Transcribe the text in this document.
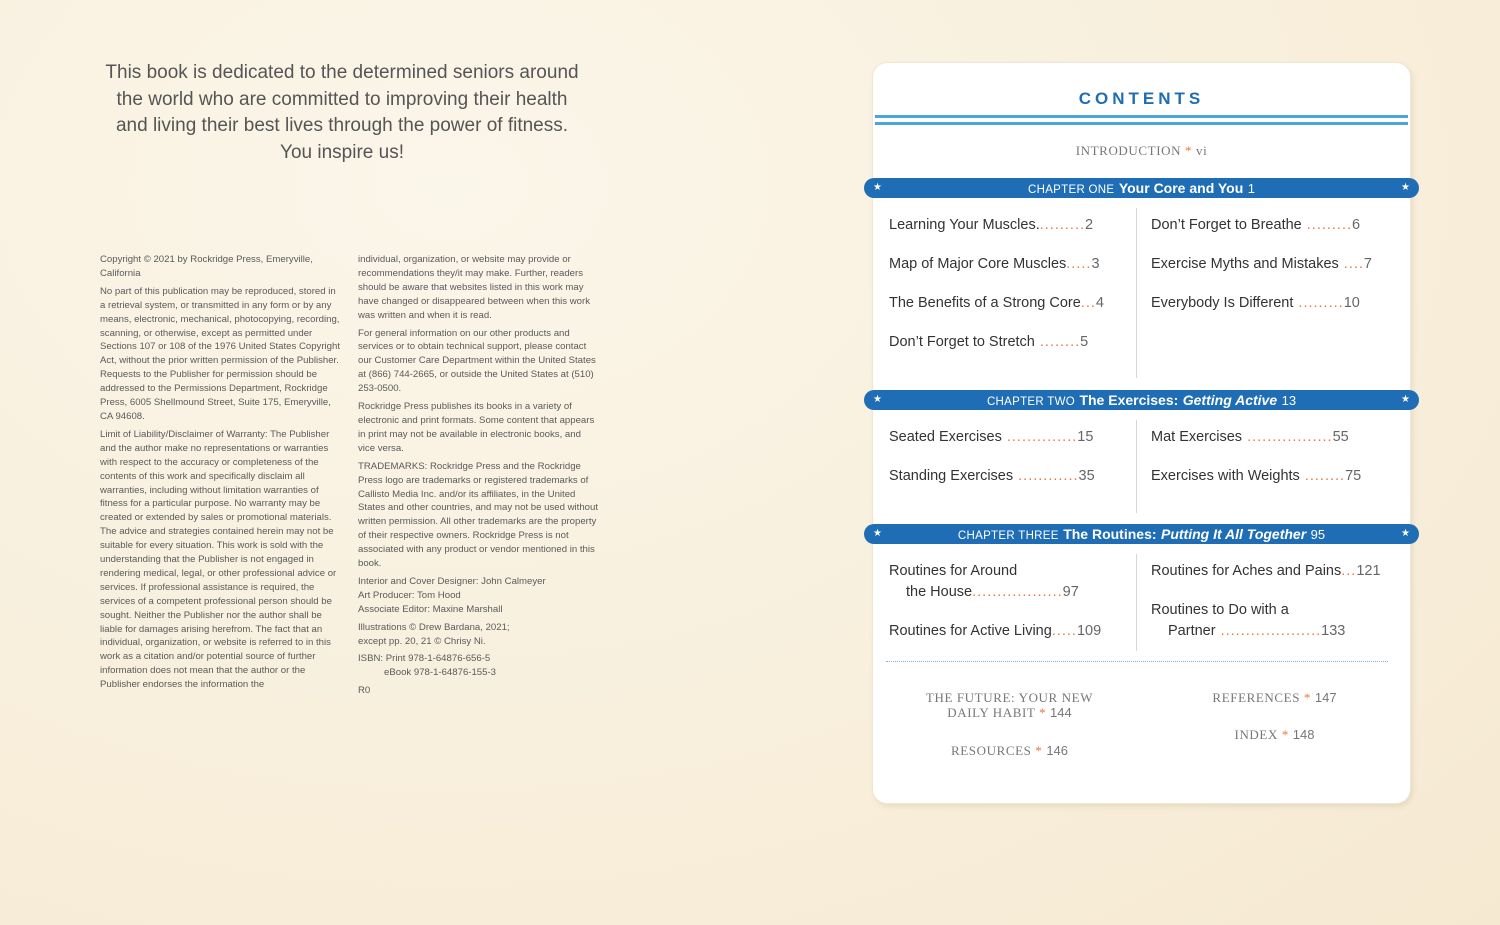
This book is dedicated to the determined seniors around
the world who are committed to improving their health
and living their best lives through the power of fitness.
You inspire us!

Copyright © 2021 by Rockridge Press, Emeryville, California

No part of this publication may be reproduced, stored in a retrieval system, or transmitted in any form or by any means, electronic, mechanical, photocopying, recording, scanning, or otherwise, except as permitted under Sections 107 or 108 of the 1976 United States Copyright Act, without the prior written permission of the Publisher. Requests to the Publisher for permission should be addressed to the Permissions Department, Rockridge Press, 6005 Shellmound Street, Suite 175, Emeryville, CA 94608.

Limit of Liability/Disclaimer of Warranty: The Publisher and the author make no representations or warranties with respect to the accuracy or completeness of the contents of this work and specifically disclaim all warranties, including without limitation warranties of fitness for a particular purpose. No warranty may be created or extended by sales or promotional materials. The advice and strategies contained herein may not be suitable for every situation. This work is sold with the understanding that the Publisher is not engaged in rendering medical, legal, or other professional advice or services. If professional assistance is required, the services of a competent professional person should be sought. Neither the Publisher nor the author shall be liable for damages arising herefrom. The fact that an individual, organization, or website is referred to in this work as a citation and/or potential source of further information does not mean that the author or the Publisher endorses the information the

individual, organization, or website may provide or recommendations they/it may make. Further, readers should be aware that websites listed in this work may have changed or disappeared between when this work was written and when it is read.

For general information on our other products and services or to obtain technical support, please contact our Customer Care Department within the United States at (866) 744-2665, or outside the United States at (510) 253-0500.

Rockridge Press publishes its books in a variety of electronic and print formats. Some content that appears in print may not be available in electronic books, and vice versa.

TRADEMARKS: Rockridge Press and the Rockridge Press logo are trademarks or registered trademarks of Callisto Media Inc. and/or its affiliates, in the United States and other countries, and may not be used without written permission. All other trademarks are the property of their respective owners. Rockridge Press is not associated with any product or vendor mentioned in this book.

Interior and Cover Designer: John Calmeyer

Art Producer: Tom Hood

Associate Editor: Maxine Marshall

Illustrations © Drew Bardana, 2021;

except pp. 20, 21 © Chrisy Ni.

ISBN: Print 978-1-64876-656-5

eBook 978-1-64876-155-3

R0

CONTENTS
INTRODUCTION * vi
★	CHAPTER ONE Your Core and You 1	★
Learning Your Muscles..........2
Map of Major Core Muscles.....3
The Benefits of a Strong Core...4
Don’t Forget to Stretch ........5
Don’t Forget to Breathe .........6
Exercise Myths and Mistakes ....7
Everybody Is Different .........10
★	CHAPTER TWO The Exercises: Getting Active 13	★
Seated Exercises ..............15
Standing Exercises ............35
Mat Exercises .................55
Exercises with Weights ........75
★	CHAPTER THREE The Routines: Putting It All Together 95	★
Routines for Around
the House..................97
Routines for Active Living.....109
Routines for Aches and Pains...121
Routines to Do with a
Partner ....................133
THE FUTURE: YOUR NEW
DAILY HABIT * 144
RESOURCES * 146
REFERENCES * 147
INDEX * 148
